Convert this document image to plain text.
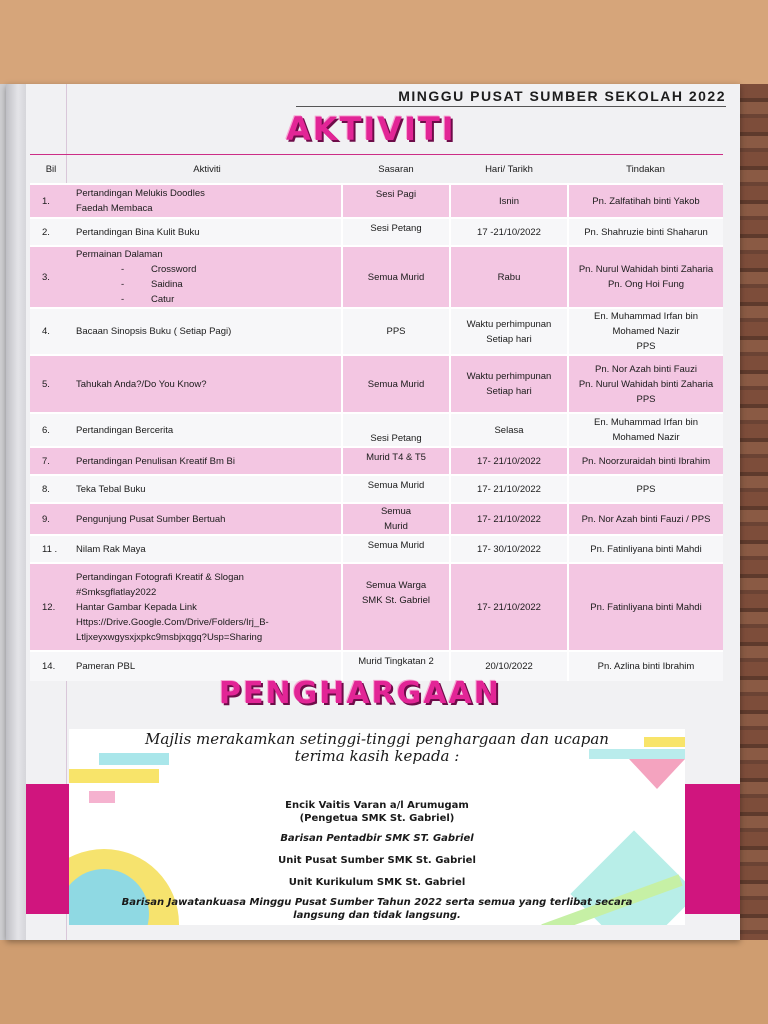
MINGGU PUSAT SUMBER SEKOLAH 2022
AKTIVITI
Bil	Aktiviti	Sasaran	Hari/ Tarikh	Tindakan
1.	Pertandingan Melukis Doodles
Faedah Membaca	Sesi Pagi	Isnin	Pn. Zalfatihah binti Yakob
2.	Pertandingan Bina Kulit Buku	Sesi Petang	17 -21/10/2022	Pn. Shahruzie binti Shaharun
3.	Permainan Dalaman
- Crossword
- Saidina
- Catur	Semua Murid	Rabu	Pn. Nurul Wahidah binti Zaharia
Pn. Ong Hoi Fung
4.	Bacaan Sinopsis Buku ( Setiap Pagi)	PPS	Waktu perhimpunan
Setiap hari	En. Muhammad Irfan bin
Mohamed Nazir
PPS
5.	Tahukah Anda?/Do You Know?	Semua Murid	Waktu perhimpunan
Setiap hari	Pn. Nor Azah binti Fauzi
Pn. Nurul Wahidah binti Zaharia
PPS
6.	Pertandingan Bercerita	Sesi Petang	Selasa	En. Muhammad Irfan bin
Mohamed Nazir
7.	Pertandingan Penulisan Kreatif Bm Bi	Murid T4 & T5	17- 21/10/2022	Pn. Noorzuraidah binti Ibrahim
8.	Teka Tebal Buku	Semua Murid	17- 21/10/2022	PPS
9.	Pengunjung Pusat Sumber Bertuah	Semua
Murid	17- 21/10/2022	Pn. Nor Azah binti Fauzi / PPS
11 .	Nilam Rak Maya	Semua Murid	17- 30/10/2022	Pn. Fatinliyana binti Mahdi
12.	Pertandingan Fotografi Kreatif & Slogan
#Smksgflatlay2022
Hantar Gambar Kepada Link
Https://Drive.Google.Com/Drive/Folders/Irj_B-
Ltljxeyxwgysxjxpkc9msbjxqgq?Usp=Sharing	Semua Warga
SMK St. Gabriel	17- 21/10/2022	Pn. Fatinliyana binti Mahdi
14.	Pameran PBL	Murid Tingkatan 2	20/10/2022	Pn. Azlina binti Ibrahim
PENGHARGAAN
Majlis merakamkan setinggi-tinggi penghargaan dan ucapan
terima kasih kepada :
Encik Vaitis Varan a/l Arumugam
(Pengetua SMK St. Gabriel)
Barisan Pentadbir SMK ST. Gabriel
Unit Pusat Sumber SMK St. Gabriel
Unit Kurikulum SMK St. Gabriel
Barisan Jawatankuasa Minggu Pusat Sumber Tahun 2022 serta semua yang terlibat secara
langsung dan tidak langsung.
